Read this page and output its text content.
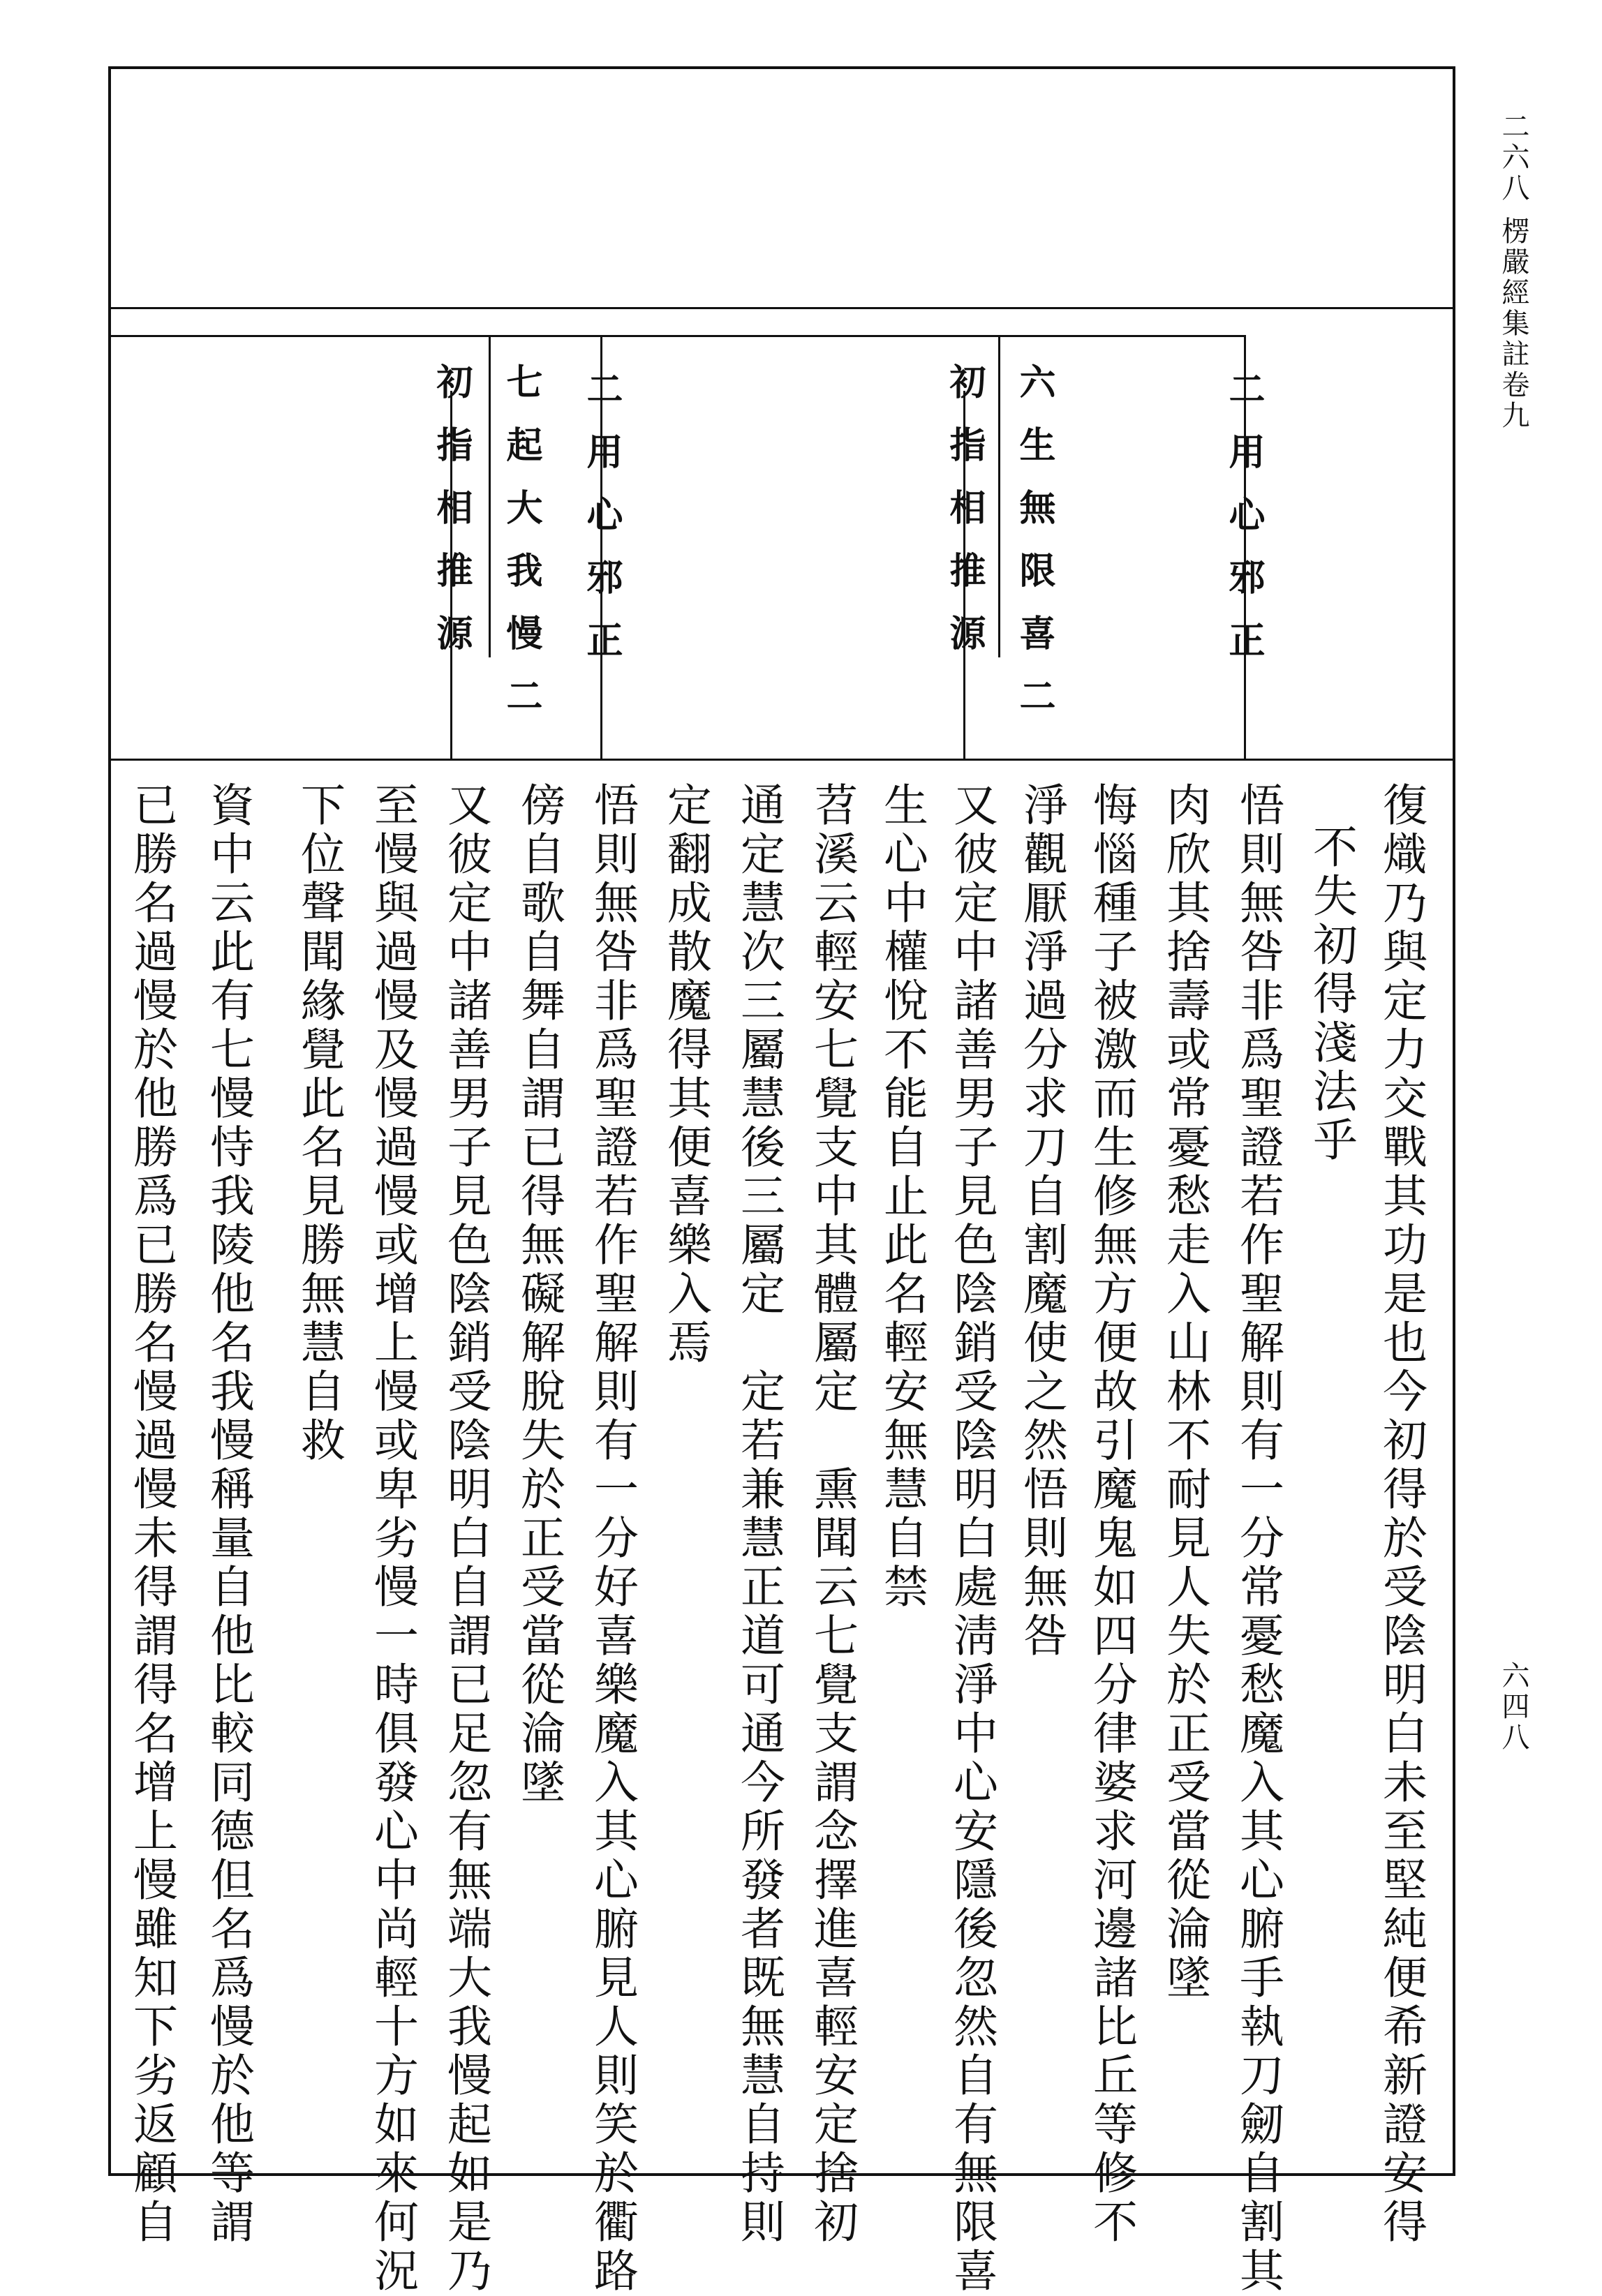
二六八
楞嚴經集註卷九
六四八
二用心邪正
六生無限喜二
初指相推源
二用心邪正
七起大我慢二
初指相推源
復熾乃與定力交戰其功是也今初得於受陰明白未至堅純便希新證安得
不失初得淺法乎
悟則無咎非爲聖證若作聖解則有一分常憂愁魔入其心腑手執刀劒自割其
肉欣其捨壽或常憂愁走入山林不耐見人失於正受當從淪墜
悔惱種子被激而生修無方便故引魔鬼如四分律婆求河邊諸比丘等修不
淨觀厭淨過分求刀自割魔使之然悟則無咎
又彼定中諸善男子見色陰銷受陰明白處淸淨中心安隱後忽然自有無限喜
生心中權悅不能自止此名輕安無慧自禁
苕溪云輕安七覺支中其體屬定　熏聞云七覺支謂念擇進喜輕安定捨初
通定慧次三屬慧後三屬定　定若兼慧正道可通今所發者既無慧自持則
定翻成散魔得其便喜樂入焉
悟則無咎非爲聖證若作聖解則有一分好喜樂魔入其心腑見人則笑於衢路
傍自歌自舞自謂已得無礙解脫失於正受當從淪墜
又彼定中諸善男子見色陰銷受陰明白自謂已足忽有無端大我慢起如是乃
至慢與過慢及慢過慢或增上慢或卑劣慢一時俱發心中尚輕十方如來何況
下位聲聞緣覺此名見勝無慧自救
資中云此有七慢恃我陵他名我慢稱量自他比較同德但名爲慢於他等謂
已勝名過慢於他勝爲已勝名慢過慢未得謂得名增上慢雖知下劣返顧自
